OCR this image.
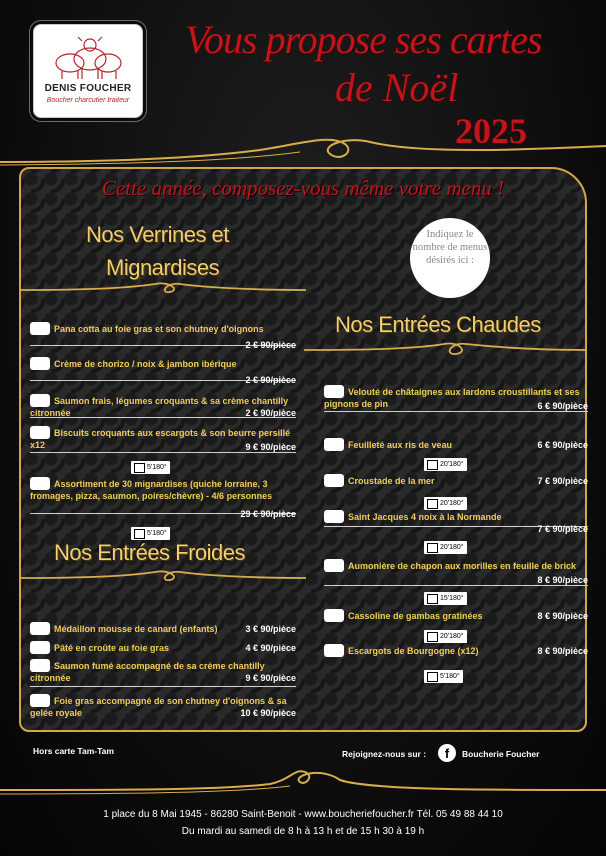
DENIS FOUCHER
Boucher charcutier traiteur
Vous propose ses cartes
de Noël
2025
Cette année, composez-vous même votre menu !
Nos Verrines et
Mignardises
Indiquez le nombre de menus désirés ici :
Nos Entrées Chaudes
Pana cotta au foie gras et son chutney d'oignons
2 € 90/pièce
Crème de chorizo / noix & jambon ibérique
2 € 90/pièce
Saumon frais, légumes croquants & sa crème chantilly citronnée	2 € 90/pièce
Biscuits croquants aux escargots & son beurre persillé x12	9 € 90/pièce
5'180°
Assortiment de 30 mignardises (quiche lorraine, 3 fromages, pizza, saumon, poires/chèvre) - 4/6 personnes
29 € 90/pièce
5'180°
Nos Entrées Froides
Médaillon mousse de canard (enfants)	3 € 90/pièce
Pâté en croûte au foie gras	4 € 90/pièce
Saumon fumé accompagné de sa crème chantilly citronnée	9 € 90/pièce
Foie gras accompagné de son chutney d'oignons & sa gelée royale	10 € 90/pièce
Velouté de châtaignes aux lardons croustillants et ses pignons de pin	6 € 90/pièce
Feuilleté aux ris de veau	6 € 90/pièce
20'180°
Croustade de la mer	7 € 90/pièce
20'180°
Saint Jacques 4 noix à la Normande
7 € 90/pièce
20'180°
Aumonière de chapon aux morilles en feuille de brick
8 € 90/pièce
15'180°
Cassoline de gambas gratinées	8 € 90/pièce
20'180°
Escargots de Bourgogne (x12)	8 € 90/pièce
5'180°
Hors carte Tam-Tam	Rejoignez-nous sur :	f	Boucherie Foucher
1 place du 8 Mai 1945 - 86280 Saint-Benoit - www.boucheriefoucher.fr Tél. 05 49 88 44 10
Du mardi au samedi de 8 h à 13 h et de 15 h 30 à 19 h
